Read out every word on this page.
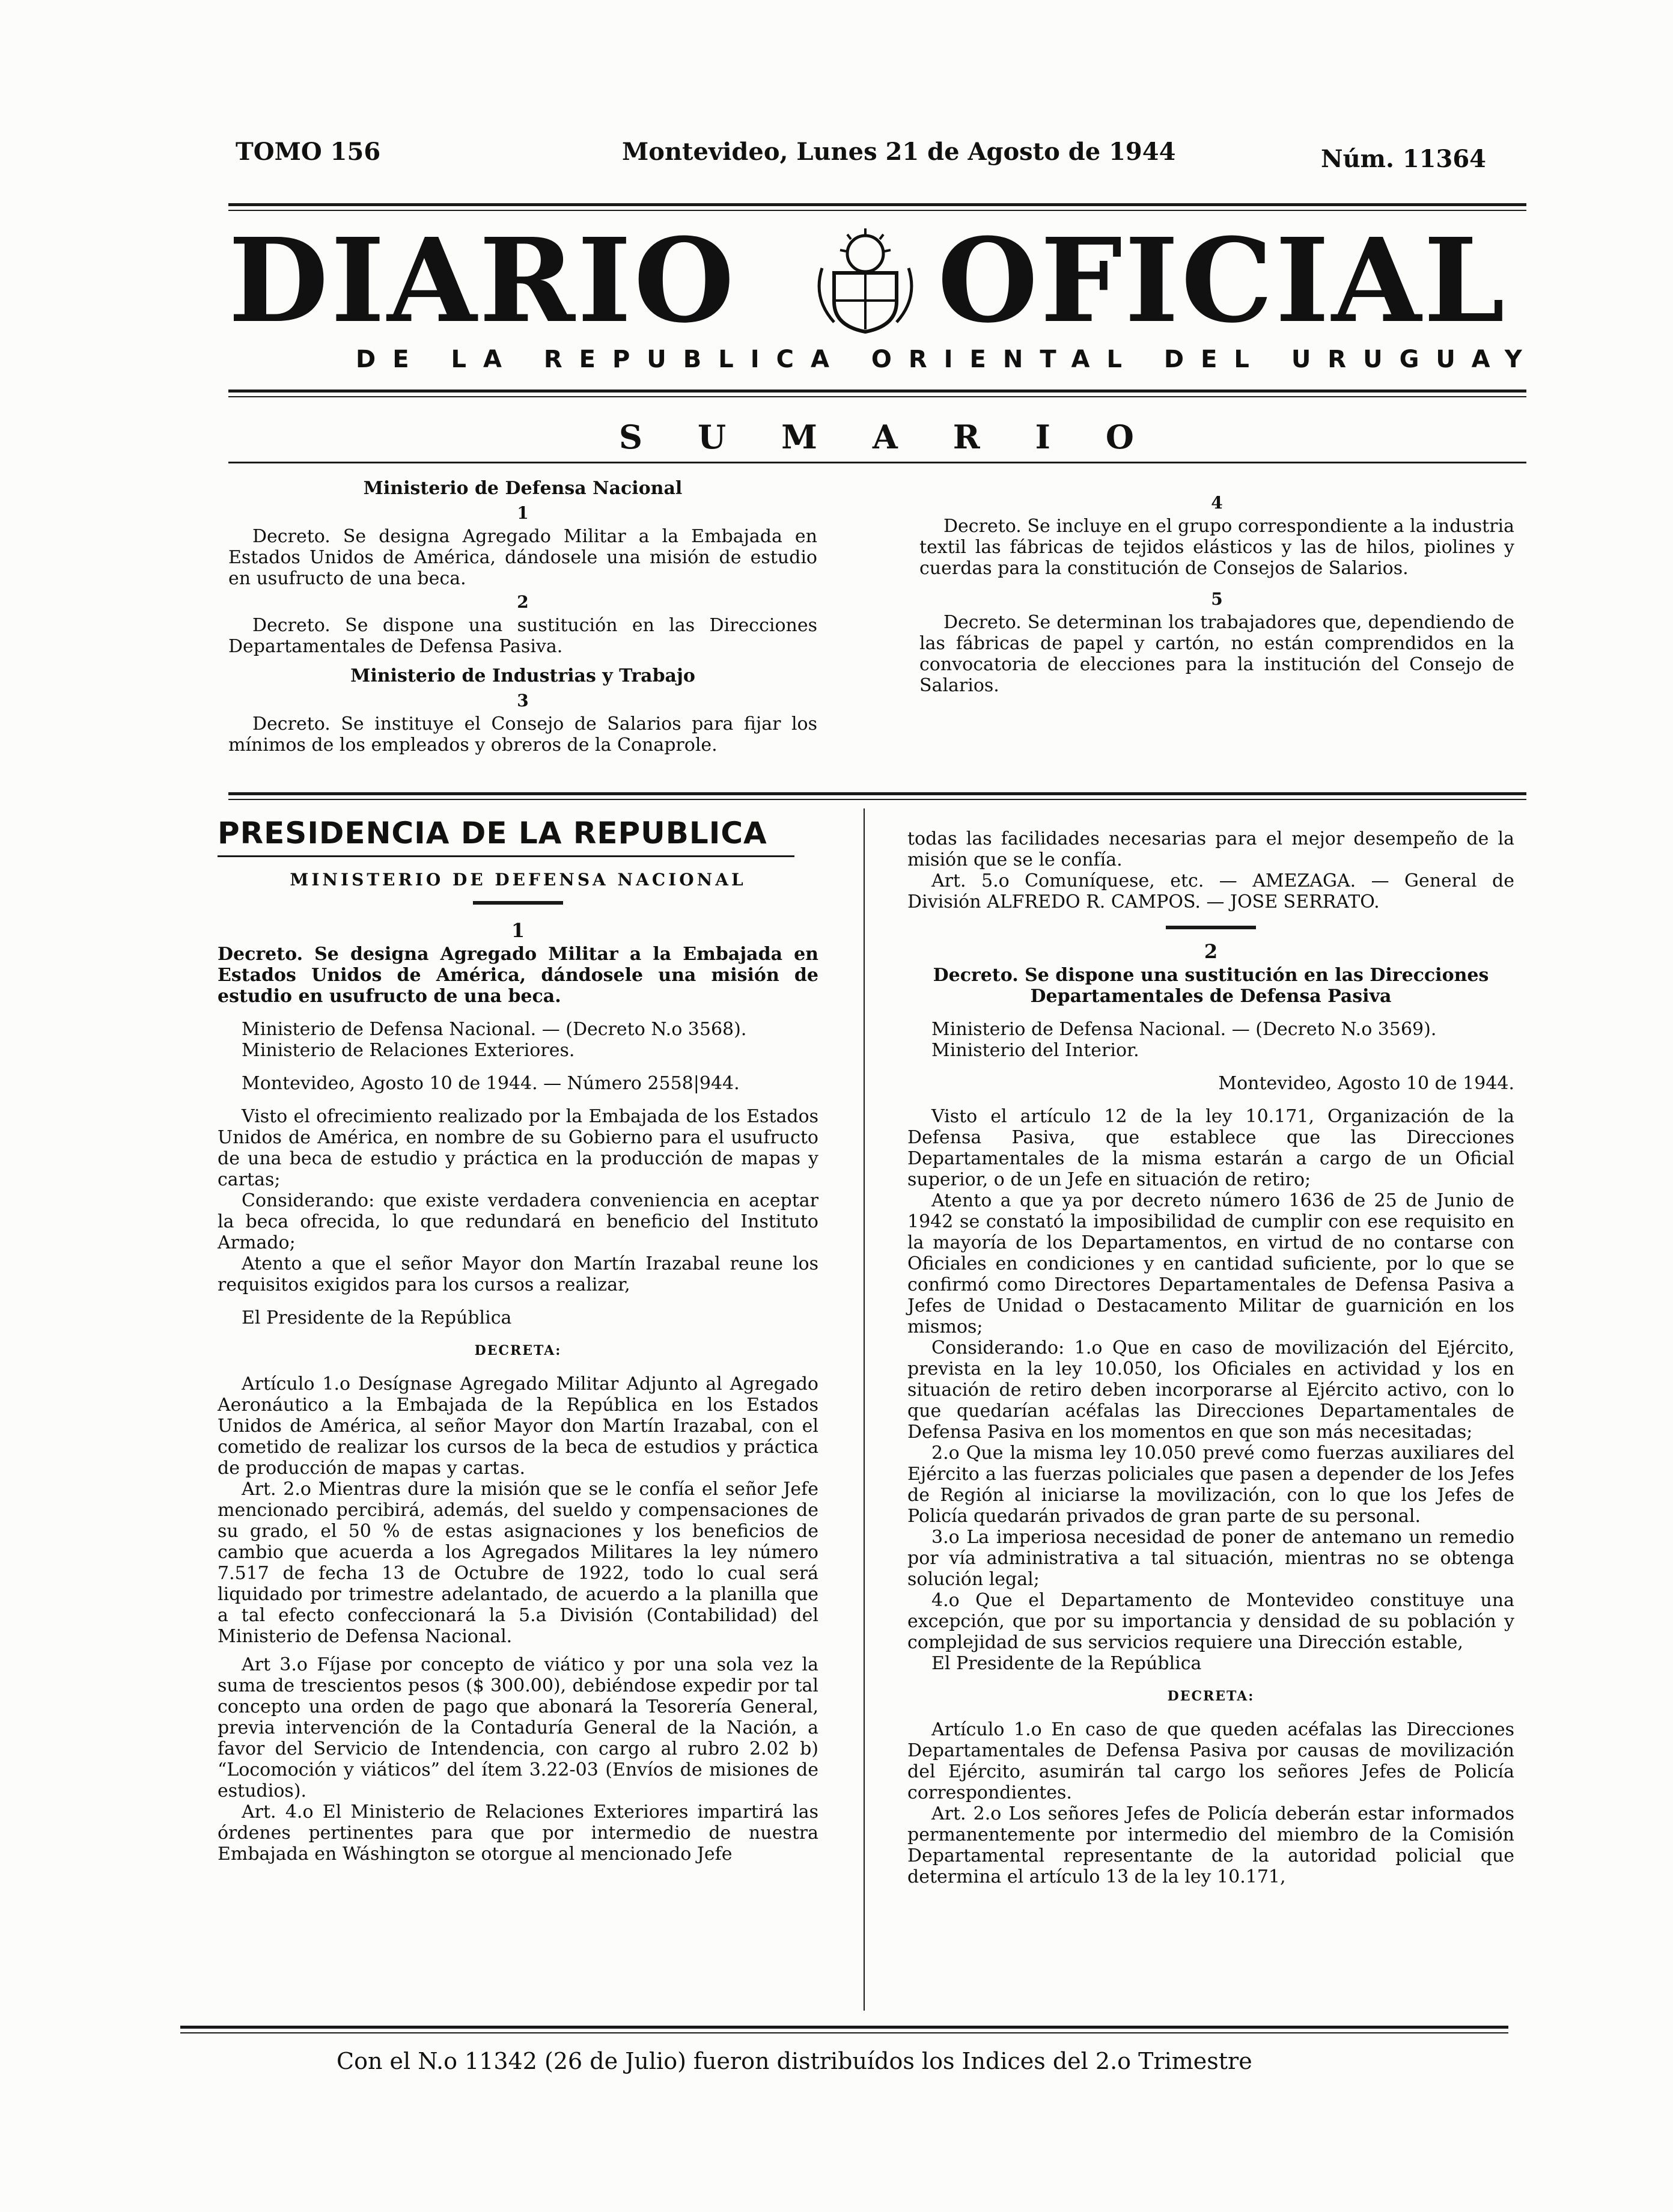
TOMO 156	Montevideo, Lunes 21 de Agosto de 1944	Núm. 11364
DIARIO OFICIAL
DE LA REPUBLICA ORIENTAL DEL URUGUAY
SUMARIO
Ministerio de Defensa Nacional
1

Decreto. Se designa Agregado Militar a la Embajada en Estados Unidos de América, dándosele una misión de estudio en usufructo de una beca.

2

Decreto. Se dispone una sustitución en las Direcciones Departamentales de Defensa Pasiva.

Ministerio de Industrias y Trabajo
3

Decreto. Se instituye el Consejo de Salarios para fijar los mínimos de los empleados y obreros de la Conaprole.

4

Decreto. Se incluye en el grupo correspondiente a la industria textil las fábricas de tejidos elásticos y las de hilos, piolines y cuerdas para la constitución de Consejos de Salarios.

5

Decreto. Se determinan los trabajadores que, dependiendo de las fábricas de papel y cartón, no están comprendidos en la convocatoria de elecciones para la institución del Consejo de Salarios.

PRESIDENCIA DE LA REPUBLICA
MINISTERIO DE DEFENSA NACIONAL
1

Decreto. Se designa Agregado Militar a la Embajada en Estados Unidos de América, dándosele una misión de estudio en usufructo de una beca.

Ministerio de Defensa Nacional. — (Decreto N.o 3568).

Ministerio de Relaciones Exteriores.

Montevideo, Agosto 10 de 1944. — Número 2558|944.

Visto el ofrecimiento realizado por la Embajada de los Estados Unidos de América, en nombre de su Gobierno para el usufructo de una beca de estudio y práctica en la producción de mapas y cartas;

Considerando: que existe verdadera conveniencia en aceptar la beca ofrecida, lo que redundará en beneficio del Instituto Armado;

Atento a que el señor Mayor don Martín Irazabal reune los requisitos exigidos para los cursos a realizar,

El Presidente de la República

DECRETA:

Artículo 1.o Desígnase Agregado Militar Adjunto al Agregado Aeronáutico a la Embajada de la República en los Estados Unidos de América, al señor Mayor don Martín Irazabal, con el cometido de realizar los cursos de la beca de estudios y práctica de producción de mapas y cartas.

Art. 2.o Mientras dure la misión que se le confía el señor Jefe mencionado percibirá, además, del sueldo y compensaciones de su grado, el 50 % de estas asignaciones y los beneficios de cambio que acuerda a los Agregados Militares la ley número 7.517 de fecha 13 de Octubre de 1922, todo lo cual será liquidado por trimestre adelantado, de acuerdo a la planilla que a tal efecto confeccionará la 5.a División (Contabilidad) del Ministerio de Defensa Nacional.

Art 3.o Fíjase por concepto de viático y por una sola vez la suma de trescientos pesos ($ 300.00), debiéndose expedir por tal concepto una orden de pago que abonará la Tesorería General, previa intervención de la Contaduría General de la Nación, a favor del Servicio de Intendencia, con cargo al rubro 2.02 b) “Locomoción y viáticos” del ítem 3.22-03 (Envíos de misiones de estudios).

Art. 4.o El Ministerio de Relaciones Exteriores impartirá las órdenes pertinentes para que por intermedio de nuestra Embajada en Wáshington se otorgue al mencionado Jefe

todas las facilidades necesarias para el mejor desempeño de la misión que se le confía.

Art. 5.o Comuníquese, etc. — AMEZAGA. — General de División ALFREDO R. CAMPOS. — JOSE SERRATO.

2

Decreto. Se dispone una sustitución en las Direcciones Departamentales de Defensa Pasiva

Ministerio de Defensa Nacional. — (Decreto N.o 3569).

Ministerio del Interior.

Montevideo, Agosto 10 de 1944.

Visto el artículo 12 de la ley 10.171, Organización de la Defensa Pasiva, que establece que las Direcciones Departamentales de la misma estarán a cargo de un Oficial superior, o de un Jefe en situación de retiro;

Atento a que ya por decreto número 1636 de 25 de Junio de 1942 se constató la imposibilidad de cumplir con ese requisito en la mayoría de los Departamentos, en virtud de no contarse con Oficiales en condiciones y en cantidad suficiente, por lo que se confirmó como Directores Departamentales de Defensa Pasiva a Jefes de Unidad o Destacamento Militar de guarnición en los mismos;

Considerando: 1.o Que en caso de movilización del Ejército, prevista en la ley 10.050, los Oficiales en actividad y los en situación de retiro deben incorporarse al Ejército activo, con lo que quedarían acéfalas las Direcciones Departamentales de Defensa Pasiva en los momentos en que son más necesitadas;

2.o Que la misma ley 10.050 prevé como fuerzas auxiliares del Ejército a las fuerzas policiales que pasen a depender de los Jefes de Región al iniciarse la movilización, con lo que los Jefes de Policía quedarán privados de gran parte de su personal.

3.o La imperiosa necesidad de poner de antemano un remedio por vía administrativa a tal situación, mientras no se obtenga solución legal;

4.o Que el Departamento de Montevideo constituye una excepción, que por su importancia y densidad de su población y complejidad de sus servicios requiere una Dirección estable,

El Presidente de la República

DECRETA:

Artículo 1.o En caso de que queden acéfalas las Direcciones Departamentales de Defensa Pasiva por causas de movilización del Ejército, asumirán tal cargo los señores Jefes de Policía correspondientes.

Art. 2.o Los señores Jefes de Policía deberán estar informados permanentemente por intermedio del miembro de la Comisión Departamental representante de la autoridad policial que determina el artículo 13 de la ley 10.171,

Con el N.o 11342 (26 de Julio) fueron distribuídos los Indices del 2.o Trimestre
